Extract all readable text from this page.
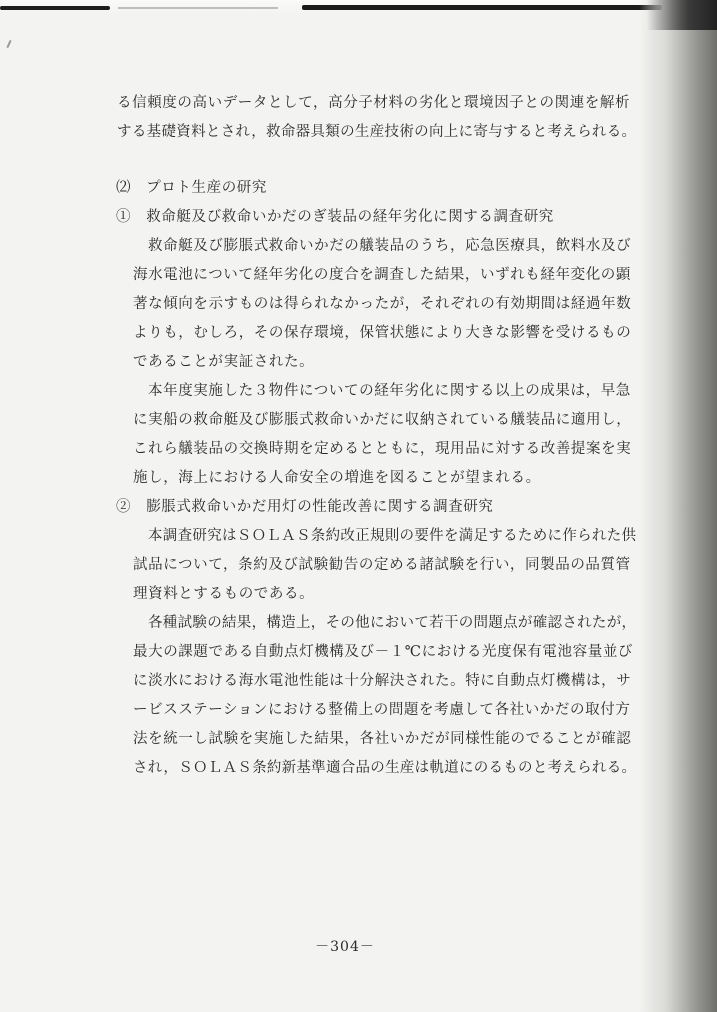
る信頼度の高いデータとして，高分子材料の劣化と環境因子との関連を解析
する基礎資料とされ，救命器具類の生産技術の向上に寄与すると考えられる。
⑵　プロト生産の研究
①　救命艇及び救命いかだのぎ装品の経年劣化に関する調査研究
救命艇及び膨脹式救命いかだの艤装品のうち，応急医療具，飲料水及び
海水電池について経年劣化の度合を調査した結果，いずれも経年変化の顕
著な傾向を示すものは得られなかったが，それぞれの有効期間は経過年数
よりも，むしろ，その保存環境，保管状態により大きな影響を受けるもの
であることが実証された。
本年度実施した３物件についての経年劣化に関する以上の成果は，早急
に実船の救命艇及び膨脹式救命いかだに収納されている艤装品に適用し，
これら艤装品の交換時期を定めるとともに，現用品に対する改善提案を実
施し，海上における人命安全の増進を図ることが望まれる。
②　膨脹式救命いかだ用灯の性能改善に関する調査研究
本調査研究はＳＯＬＡＳ条約改正規則の要件を満足するために作られた供
試品について，条約及び試験勧告の定める諸試験を行い，同製品の品質管
理資料とするものである。
各種試験の結果，構造上，その他において若干の問題点が確認されたが，
最大の課題である自動点灯機構及び－１℃における光度保有電池容量並び
に淡水における海水電池性能は十分解決された。特に自動点灯機構は，サ
ービスステーションにおける整備上の問題を考慮して各社いかだの取付方
法を統一し試験を実施した結果，各社いかだが同様性能のでることが確認
され，ＳＯＬＡＳ条約新基準適合品の生産は軌道にのるものと考えられる。
－304－
